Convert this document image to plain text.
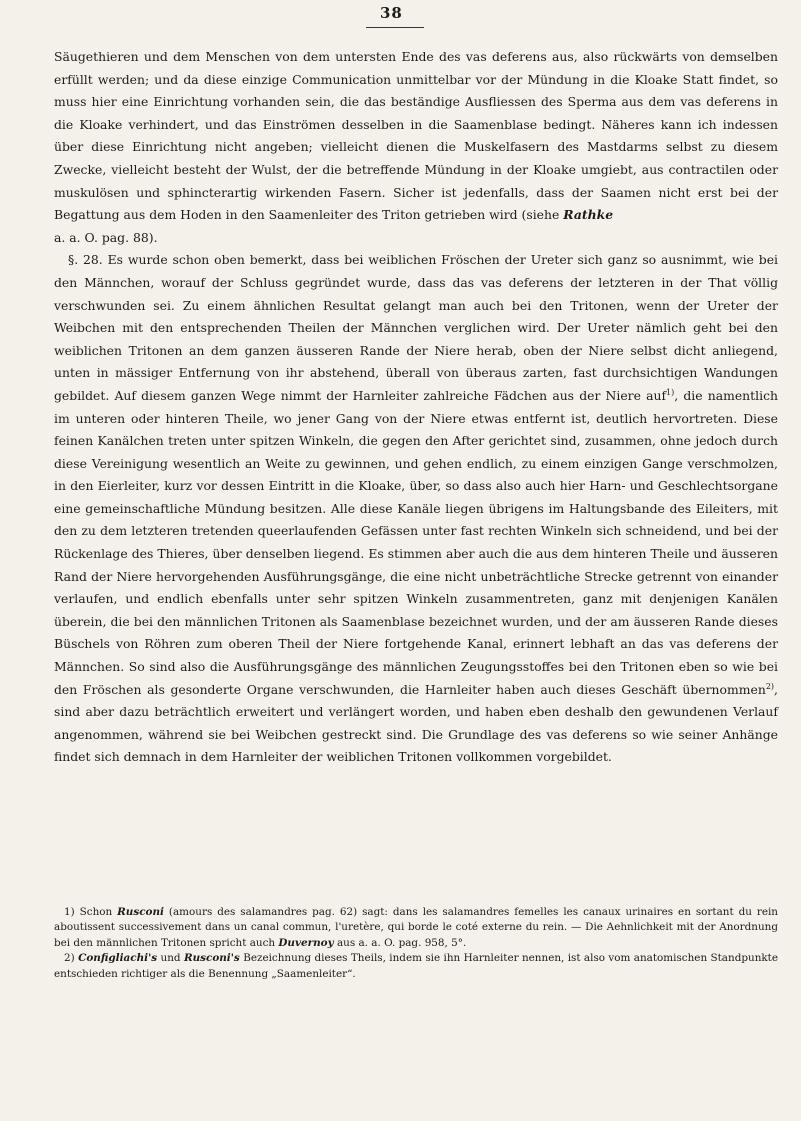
38

Säugethieren und dem Menschen von dem untersten Ende des vas deferens aus, also rückwärts von demselben erfüllt werden; und da diese einzige Communication unmittelbar vor der Mündung in die Kloake Statt findet, so muss hier eine Einrichtung vorhanden sein, die das beständige Ausfliessen des Sperma aus dem vas deferens in die Kloake verhindert, und das Einströmen desselben in die Saamenblase bedingt. Näheres kann ich indessen über diese Einrichtung nicht angeben; vielleicht dienen die Muskelfasern des Mastdarms selbst zu diesem Zwecke, vielleicht besteht der Wulst, der die betreffende Mündung in der Kloake umgiebt, aus contractilen oder muskulösen und sphincterartig wirkenden Fasern. Sicher ist jedenfalls, dass der Saamen nicht erst bei der Begattung aus dem Hoden in den Saamenleiter des Triton getrieben wird (siehe Rathke

a. a. O. pag. 88).

§. 28. Es wurde schon oben bemerkt, dass bei weiblichen Fröschen der Ureter sich ganz so ausnimmt, wie bei den Männchen, worauf der Schluss gegründet wurde, dass das vas deferens der letzteren in der That völlig verschwunden sei. Zu einem ähnlichen Resultat gelangt man auch bei den Tritonen, wenn der Ureter der Weibchen mit den entsprechenden Theilen der Männchen verglichen wird. Der Ureter nämlich geht bei den weiblichen Tritonen an dem ganzen äusseren Rande der Niere herab, oben der Niere selbst dicht anliegend, unten in mässiger Entfernung von ihr abstehend, überall von überaus zarten, fast durchsichtigen Wandungen gebildet. Auf diesem ganzen Wege nimmt der Harnleiter zahlreiche Fädchen aus der Niere auf$^{1)}$, die namentlich im unteren oder hinteren Theile, wo jener Gang von der Niere etwas entfernt ist, deutlich hervortreten. Diese feinen Kanälchen treten unter spitzen Winkeln, die gegen den After gerichtet sind, zusammen, ohne jedoch durch diese Vereinigung wesentlich an Weite zu gewinnen, und gehen endlich, zu einem einzigen Gange verschmolzen, in den Eierleiter, kurz vor dessen Eintritt in die Kloake, über, so dass also auch hier Harn- und Geschlechtsorgane eine gemeinschaftliche Mündung besitzen. Alle diese Kanäle liegen übrigens im Haltungsbande des Eileiters, mit den zu dem letzteren tretenden queerlaufenden Gefässen unter fast rechten Winkeln sich schneidend, und bei der Rückenlage des Thieres, über denselben liegend. Es stimmen aber auch die aus dem hinteren Theile und äusseren Rand der Niere hervorgehenden Ausführungsgänge, die eine nicht unbeträchtliche Strecke getrennt von einander verlaufen, und endlich ebenfalls unter sehr spitzen Winkeln zusammentreten, ganz mit denjenigen Kanälen überein, die bei den männlichen Tritonen als Saamenblase bezeichnet wurden, und der am äusseren Rande dieses Büschels von Röhren zum oberen Theil der Niere fortgehende Kanal, erinnert lebhaft an das vas deferens der Männchen. So sind also die Ausführungsgänge des männlichen Zeugungsstoffes bei den Tritonen eben so wie bei den Fröschen als gesonderte Organe verschwunden, die Harnleiter haben auch dieses Geschäft übernommen$^{2)}$, sind aber dazu beträchtlich erweitert und verlängert worden, und haben eben deshalb den gewundenen Verlauf angenommen, während sie bei Weibchen gestreckt sind. Die Grundlage des vas deferens so wie seiner Anhänge findet sich demnach in dem Harnleiter der weiblichen Tritonen vollkommen vorgebildet.

1) Schon Rusconi (amours des salamandres pag. 62) sagt: dans les salamandres femelles les canaux urinaires en sortant du rein aboutissent successivement dans un canal commun, l'uretère, qui borde le coté externe du rein. — Die Aehnlichkeit mit der Anordnung bei den männlichen Tritonen spricht auch Duvernoy aus a. a. O. pag. 958, 5°.

2) Configliachi's und Rusconi's Bezeichnung dieses Theils, indem sie ihn Harnleiter nennen, ist also vom anatomischen Standpunkte entschieden richtiger als die Benennung „Saamenleiter“.
